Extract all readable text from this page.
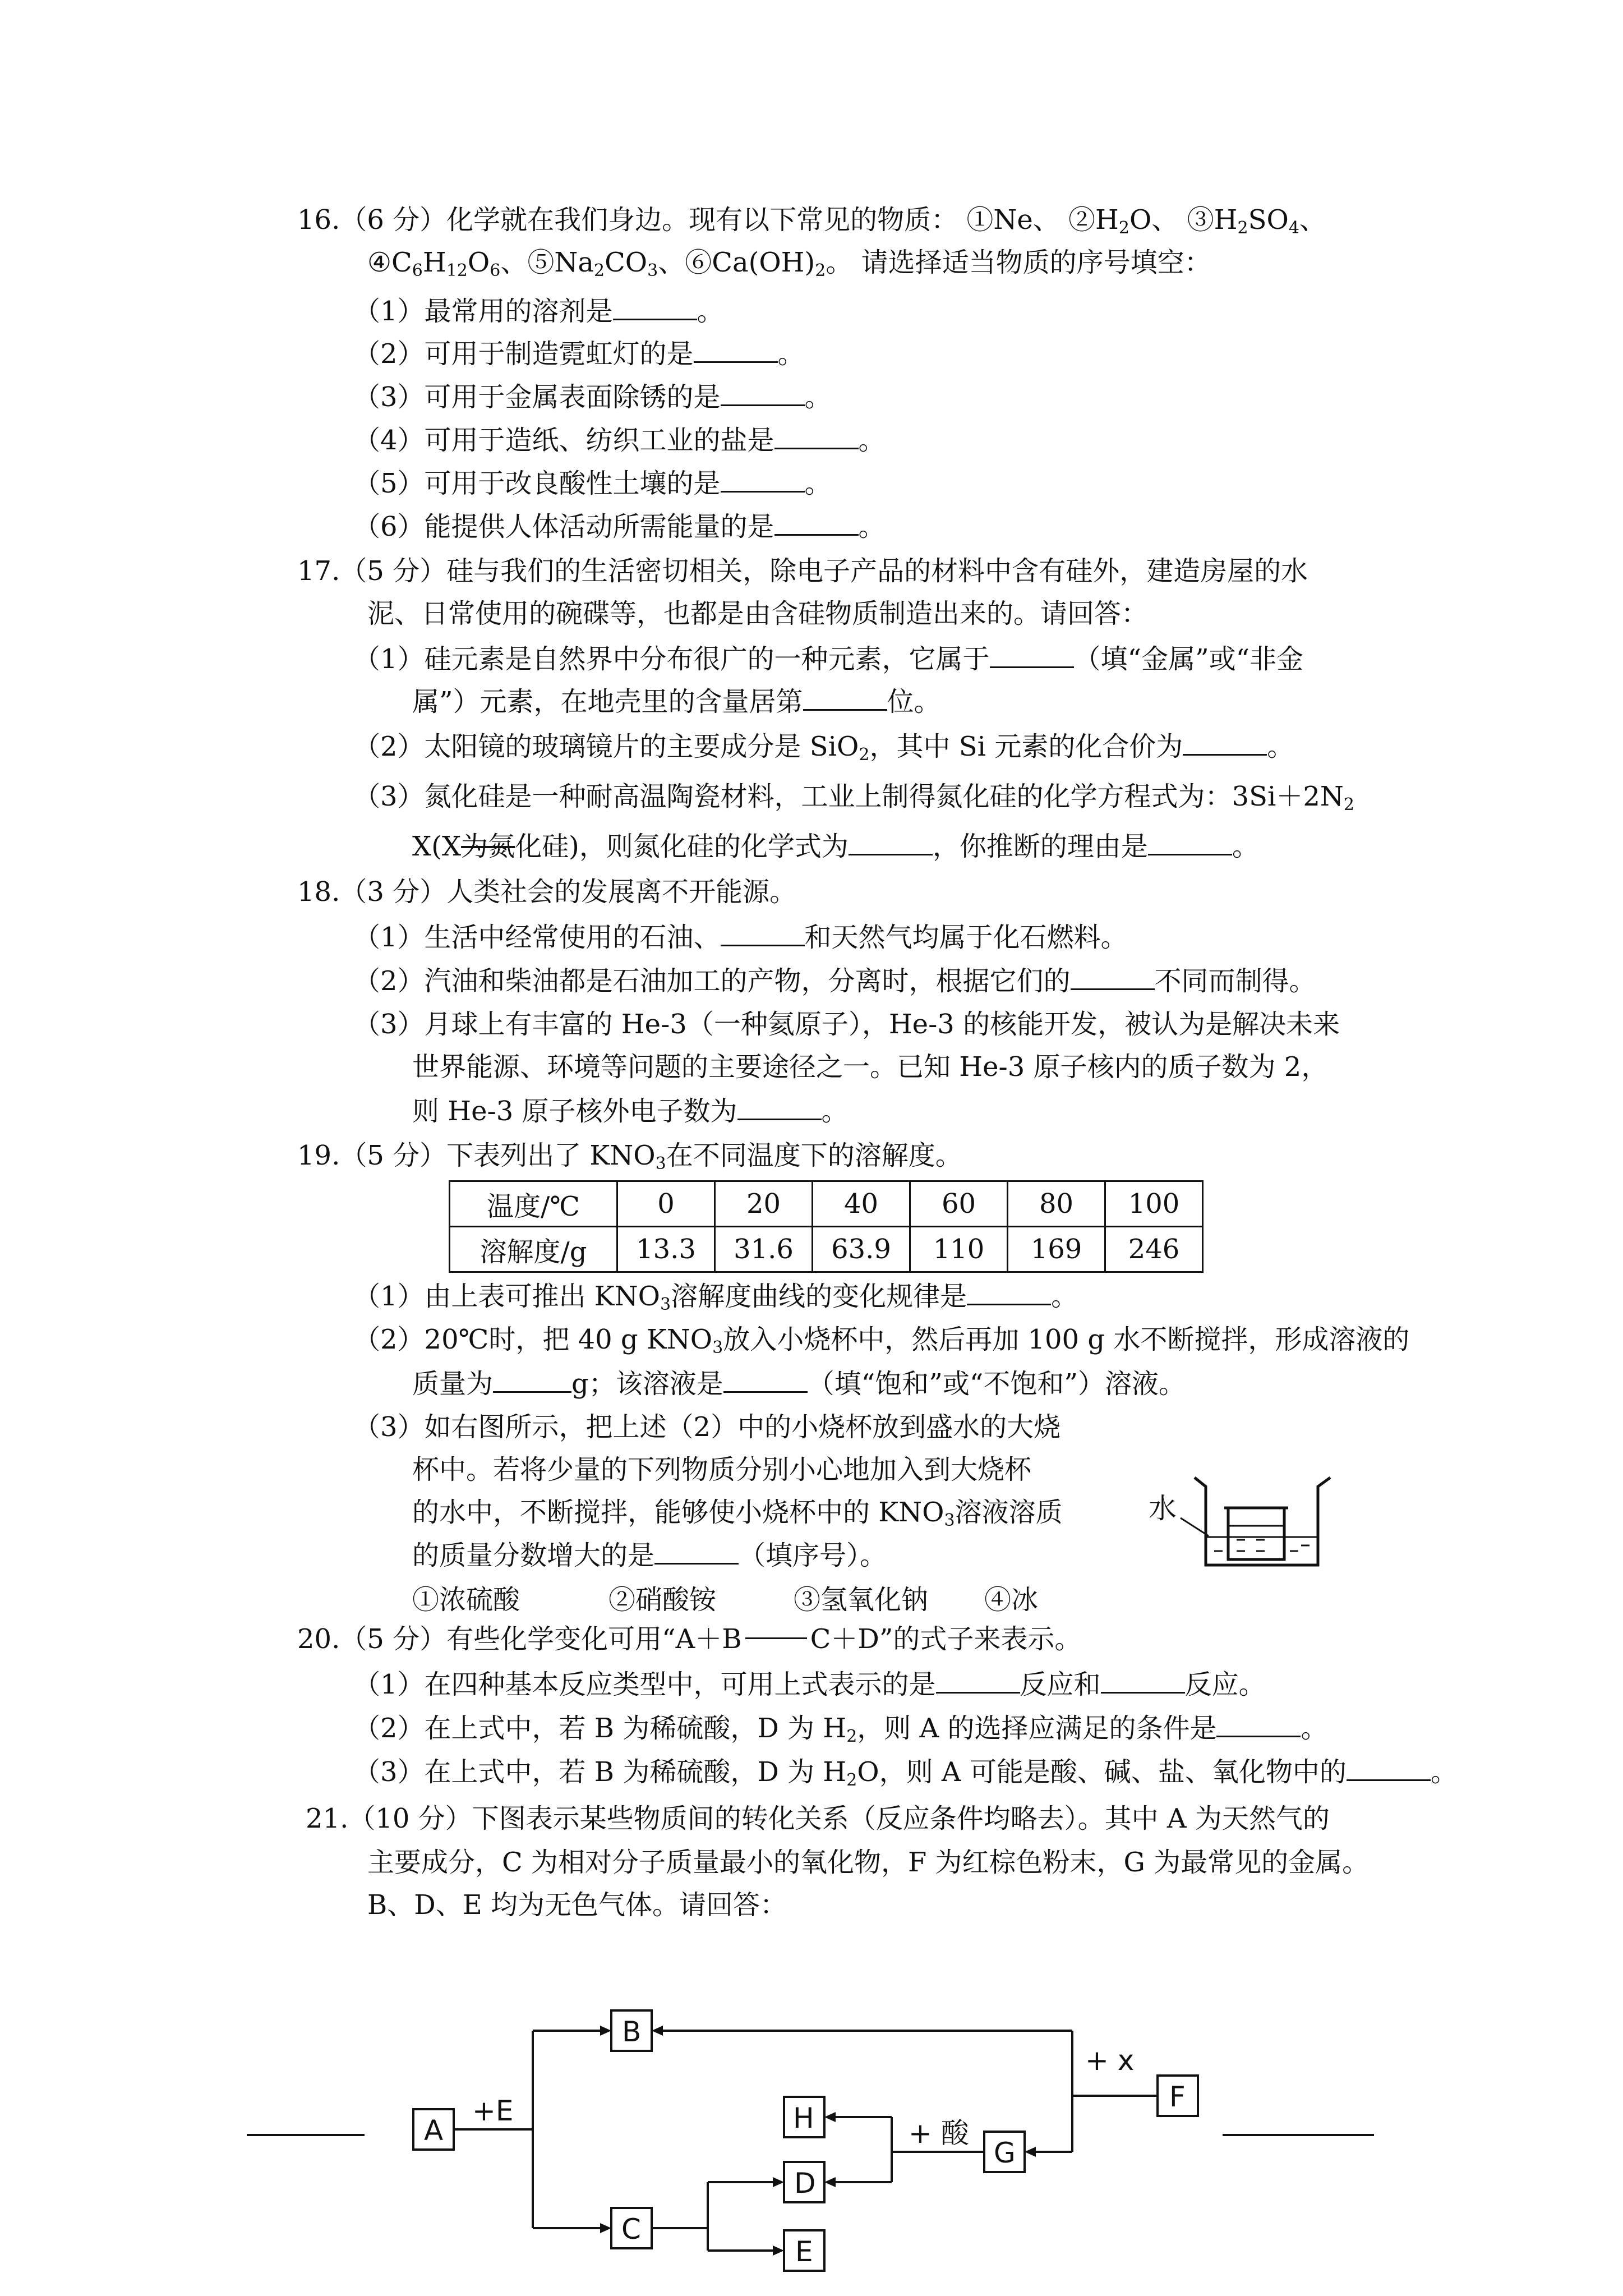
16.（6 分）化学就在我们身边。现有以下常见的物质： ①Ne、 $②H_2O$、 $③H_2SO_4$、
$④C_6H_{12}O_6$、$⑤Na_2CO_3$、$⑥Ca(OH)_2$。 请选择适当物质的序号填空：
（1）最常用的溶剂是	。
（2）可用于制造霓虹灯的是	。
（3）可用于金属表面除锈的是	。
（4）可用于造纸、纺织工业的盐是	。
（5）可用于改良酸性土壤的是	。
（6）能提供人体活动所需能量的是	。
17.（5 分）硅与我们的生活密切相关，除电子产品的材料中含有硅外，建造房屋的水
泥、日常使用的碗碟等，也都是由含硅物质制造出来的。请回答：
（1）硅元素是自然界中分布很广的一种元素，它属于	（填“金属”或“非金
属”）元素，在地壳里的含量居第	位。
（2）太阳镜的玻璃镜片的主要成分是 SiO$_2$，其中 Si 元素的化合价为	。
（3）氮化硅是一种耐高温陶瓷材料，工业上制得氮化硅的化学方程式为：$3Si+2N_2$
X(X为氮化硅)，则氮化硅的化学式为	，你推断的理由是	。
18.（3 分）人类社会的发展离不开能源。
（1）生活中经常使用的石油、	和天然气均属于化石燃料。
（2）汽油和柴油都是石油加工的产物，分离时，根据它们的	不同而制得。
（3）月球上有丰富的 He-3（一种氦原子），He-3 的核能开发，被认为是解决未来
世界能源、环境等问题的主要途径之一。已知 He-3 原子核内的质子数为 2，
则 He-3 原子核外电子数为	。
19.（5 分）下表列出了 $KNO_3$在不同温度下的溶解度。
温度/℃	0	20	40	60	80	100
溶解度/g	13.3	31.6	63.9	110	169	246
（1）由上表可推出 $KNO_3$溶解度曲线的变化规律是	。
（2）20℃时，把 40 g $KNO_3$放入小烧杯中，然后再加 100 g 水不断搅拌，形成溶液的
质量为	g；该溶液是	（填“饱和”或“不饱和”）溶液。
（3）如右图所示，把上述（2）中的小烧杯放到盛水的大烧
杯中。若将少量的下列物质分别小心地加入到大烧杯
的水中，不断搅拌，能够使小烧杯中的 $KNO_3$溶液溶质
的质量分数增大的是	（填序号）。
①浓硫酸	②硝酸铵	③氢氧化钠 ④冰
水
20.（5 分）有些化学变化可用“A＋B	C＋D”的式子来表示。
（1）在四种基本反应类型中，可用上式表示的是	反应和	反应。
（2）在上式中，若 B 为稀硫酸，D 为 $H_2$，则 A 的选择应满足的条件是	。
（3）在上式中，若 B 为稀硫酸，D 为 $H_2O$，则 A 可能是酸、碱、盐、氧化物中的	。
21.（10 分）下图表示某些物质间的转化关系（反应条件均略去）。其中 A 为天然气的
主要成分，C 为相对分子质量最小的氧化物，F 为红棕色粉末，G 为最常见的金属。
B、D、E 均为无色气体。请回答：
A
B
C
D
E
F
G
H
+E
+ x
+ 酸
